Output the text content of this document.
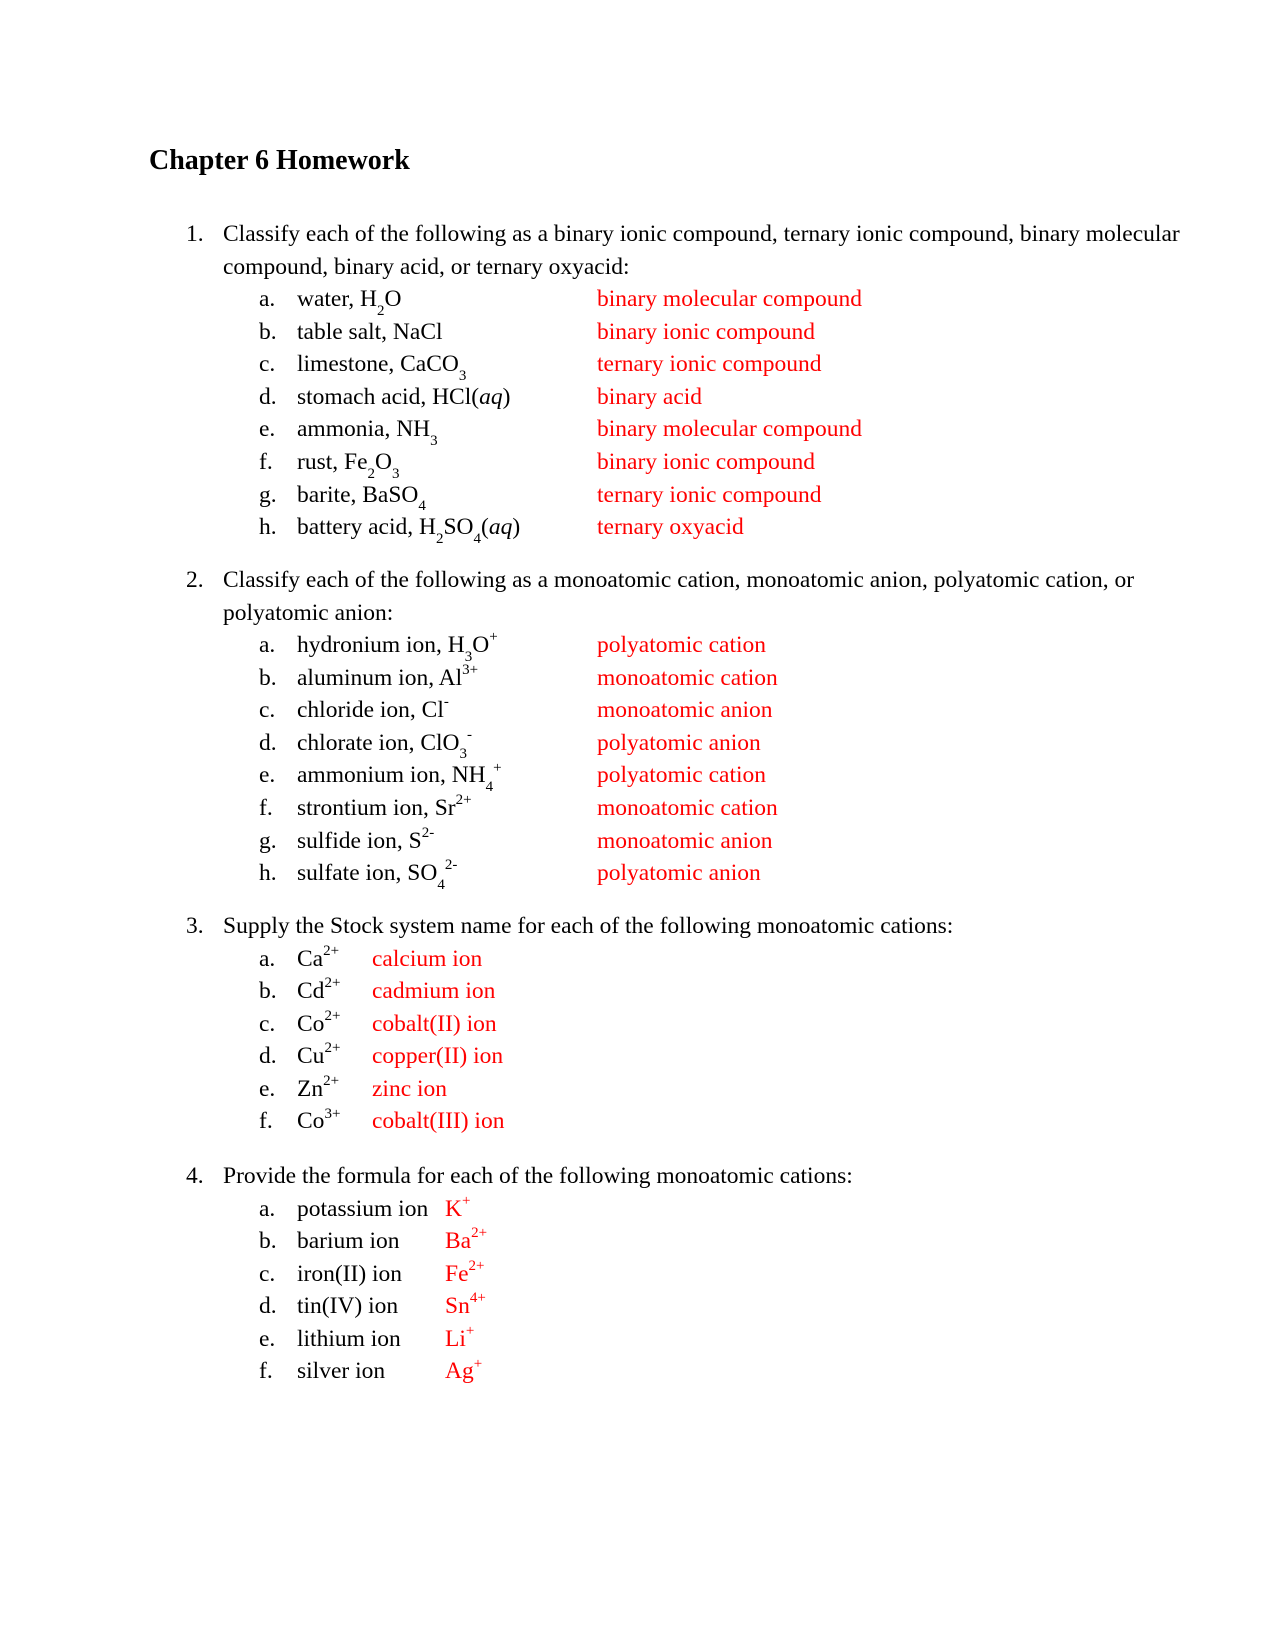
Chapter 6 Homework
1. Classify each of the following as a binary ionic compound, ternary ionic compound, binary molecular compound, binary acid, or ternary oxyacid:
a. water, $H_2O$	binary molecular compound
b. table salt, NaCl	binary ionic compound
c. limestone, CaCO$_3$	ternary ionic compound
d. stomach acid, HCl(aq)	binary acid
e. ammonia, $NH_3$	binary molecular compound
f. rust, $Fe_2O_3$	binary ionic compound
g. barite, BaSO$_4$	ternary ionic compound
h. battery acid, $H_2SO_4(aq)$	ternary oxyacid
2. Classify each of the following as a monoatomic cation, monoatomic anion, polyatomic cation, or polyatomic anion:
a. hydronium ion, $H_3O^+$	polyatomic cation
b. aluminum ion, $Al^{3+}$	monoatomic cation
c. chloride ion, Cl-	monoatomic anion
d. chlorate ion, ClO$_3$-	polyatomic anion
e. ammonium ion, $NH_4^+$	polyatomic cation
f. strontium ion, $Sr^{2+}$	monoatomic cation
g. sulfide ion, $S^{2-}$	monoatomic anion
h. sulfate ion, $SO_4^{2-}$	polyatomic anion
3. Supply the Stock system name for each of the following monoatomic cations:
a. $Ca^{2+}$ calcium ion
b. $Cd^{2+}$ cadmium ion
c. $Co^{2+}$ cobalt(II) ion
d. $Cu^{2+}$ copper(II) ion
e. $Zn^{2+}$ zinc ion
f. $Co^{3+}$ cobalt(III) ion
4. Provide the formula for each of the following monoatomic cations:
a. potassium ion K+
b. barium ion $Ba^{2+}$
c. iron(II) ion $Fe^{2+}$
d. tin(IV) ion $Sn^{4+}$
e. lithium ion Li+
f. silver ion	Ag+
